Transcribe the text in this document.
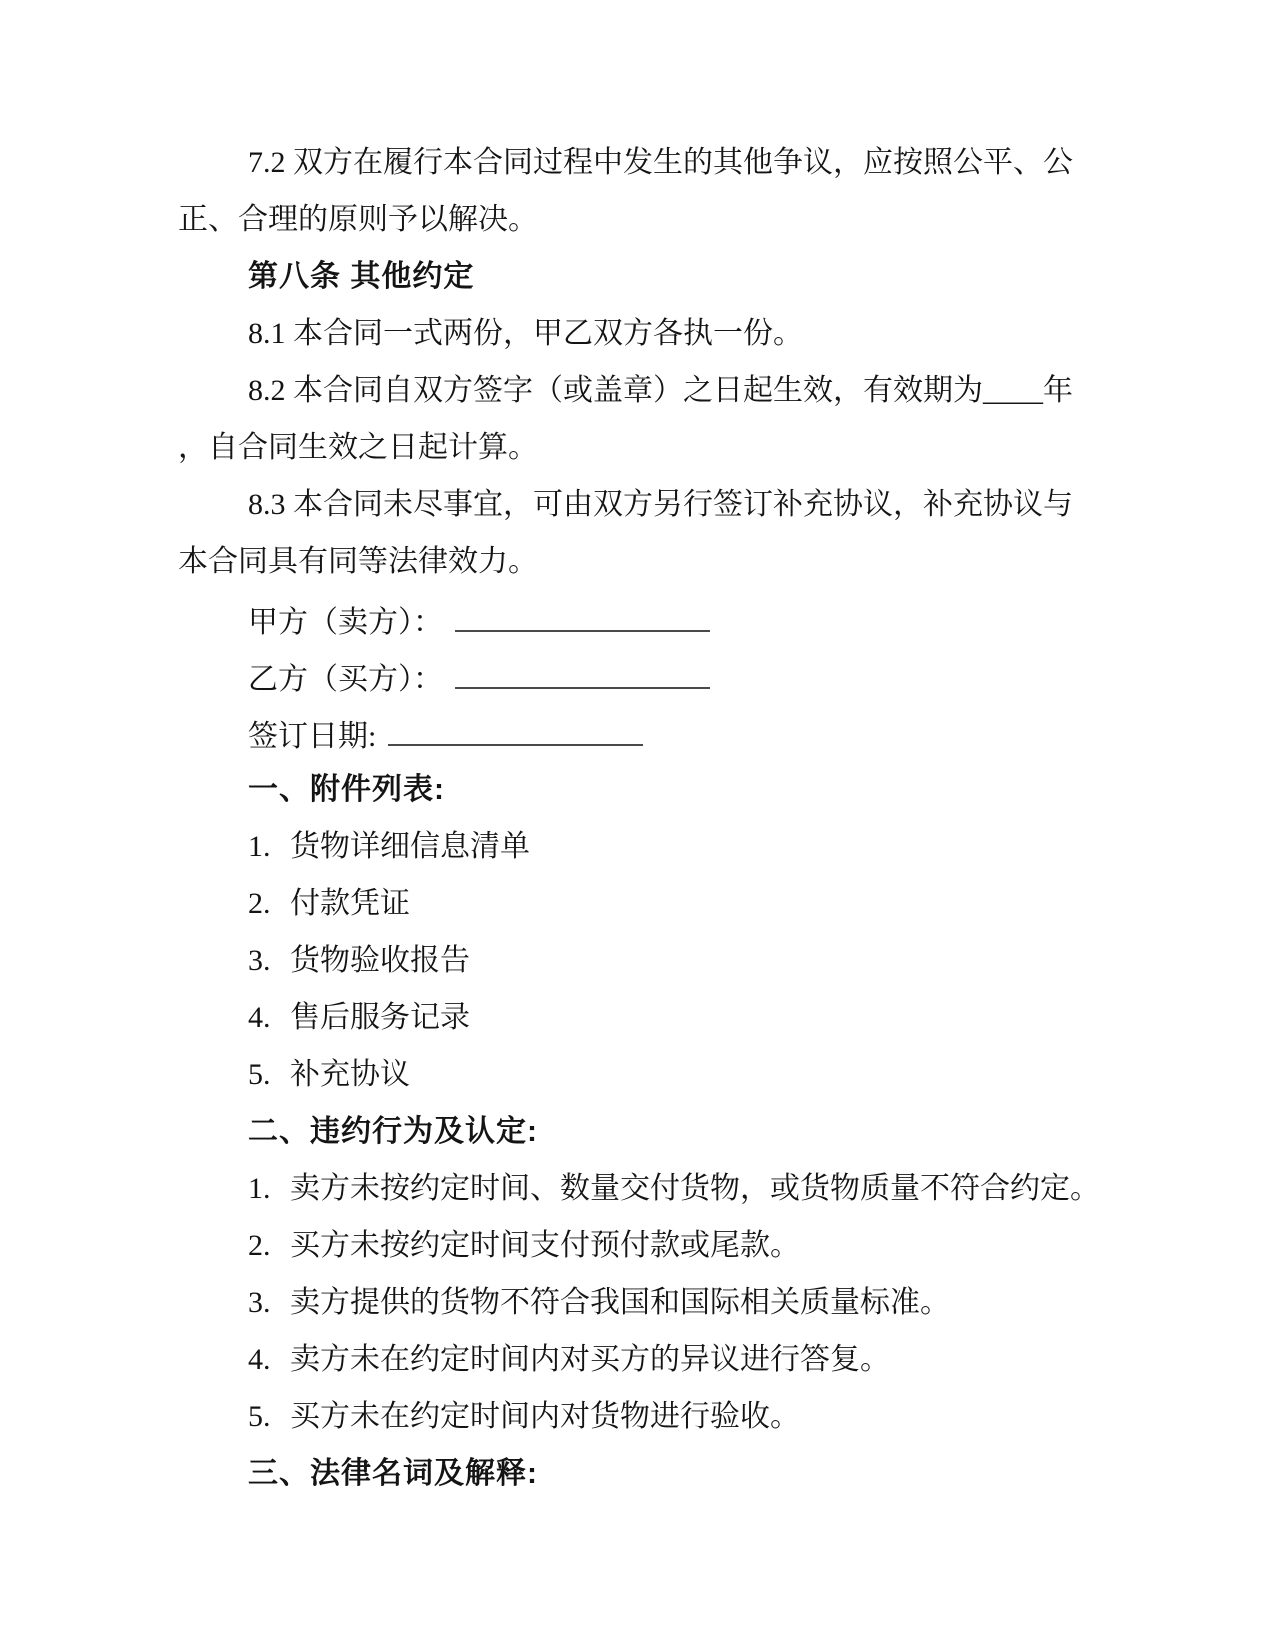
7.2 双方在履行本合同过程中发生的其他争议，应按照公平、公
正、合理的原则予以解决。
第八条 其他约定
8.1 本合同一式两份，甲乙双方各执一份。
8.2 本合同自双方签字（或盖章）之日起生效，有效期为____年
，自合同生效之日起计算。
8.3 本合同未尽事宜，可由双方另行签订补充协议，补充协议与
本合同具有同等法律效力。
甲方（卖方）：
乙方（买方）：
签订日期:
一、附件列表:
1. 货物详细信息清单
2. 付款凭证
3. 货物验收报告
4. 售后服务记录
5. 补充协议
二、违约行为及认定:
1. 卖方未按约定时间、数量交付货物，或货物质量不符合约定。
2. 买方未按约定时间支付预付款或尾款。
3. 卖方提供的货物不符合我国和国际相关质量标准。
4. 卖方未在约定时间内对买方的异议进行答复。
5. 买方未在约定时间内对货物进行验收。
三、法律名词及解释:
